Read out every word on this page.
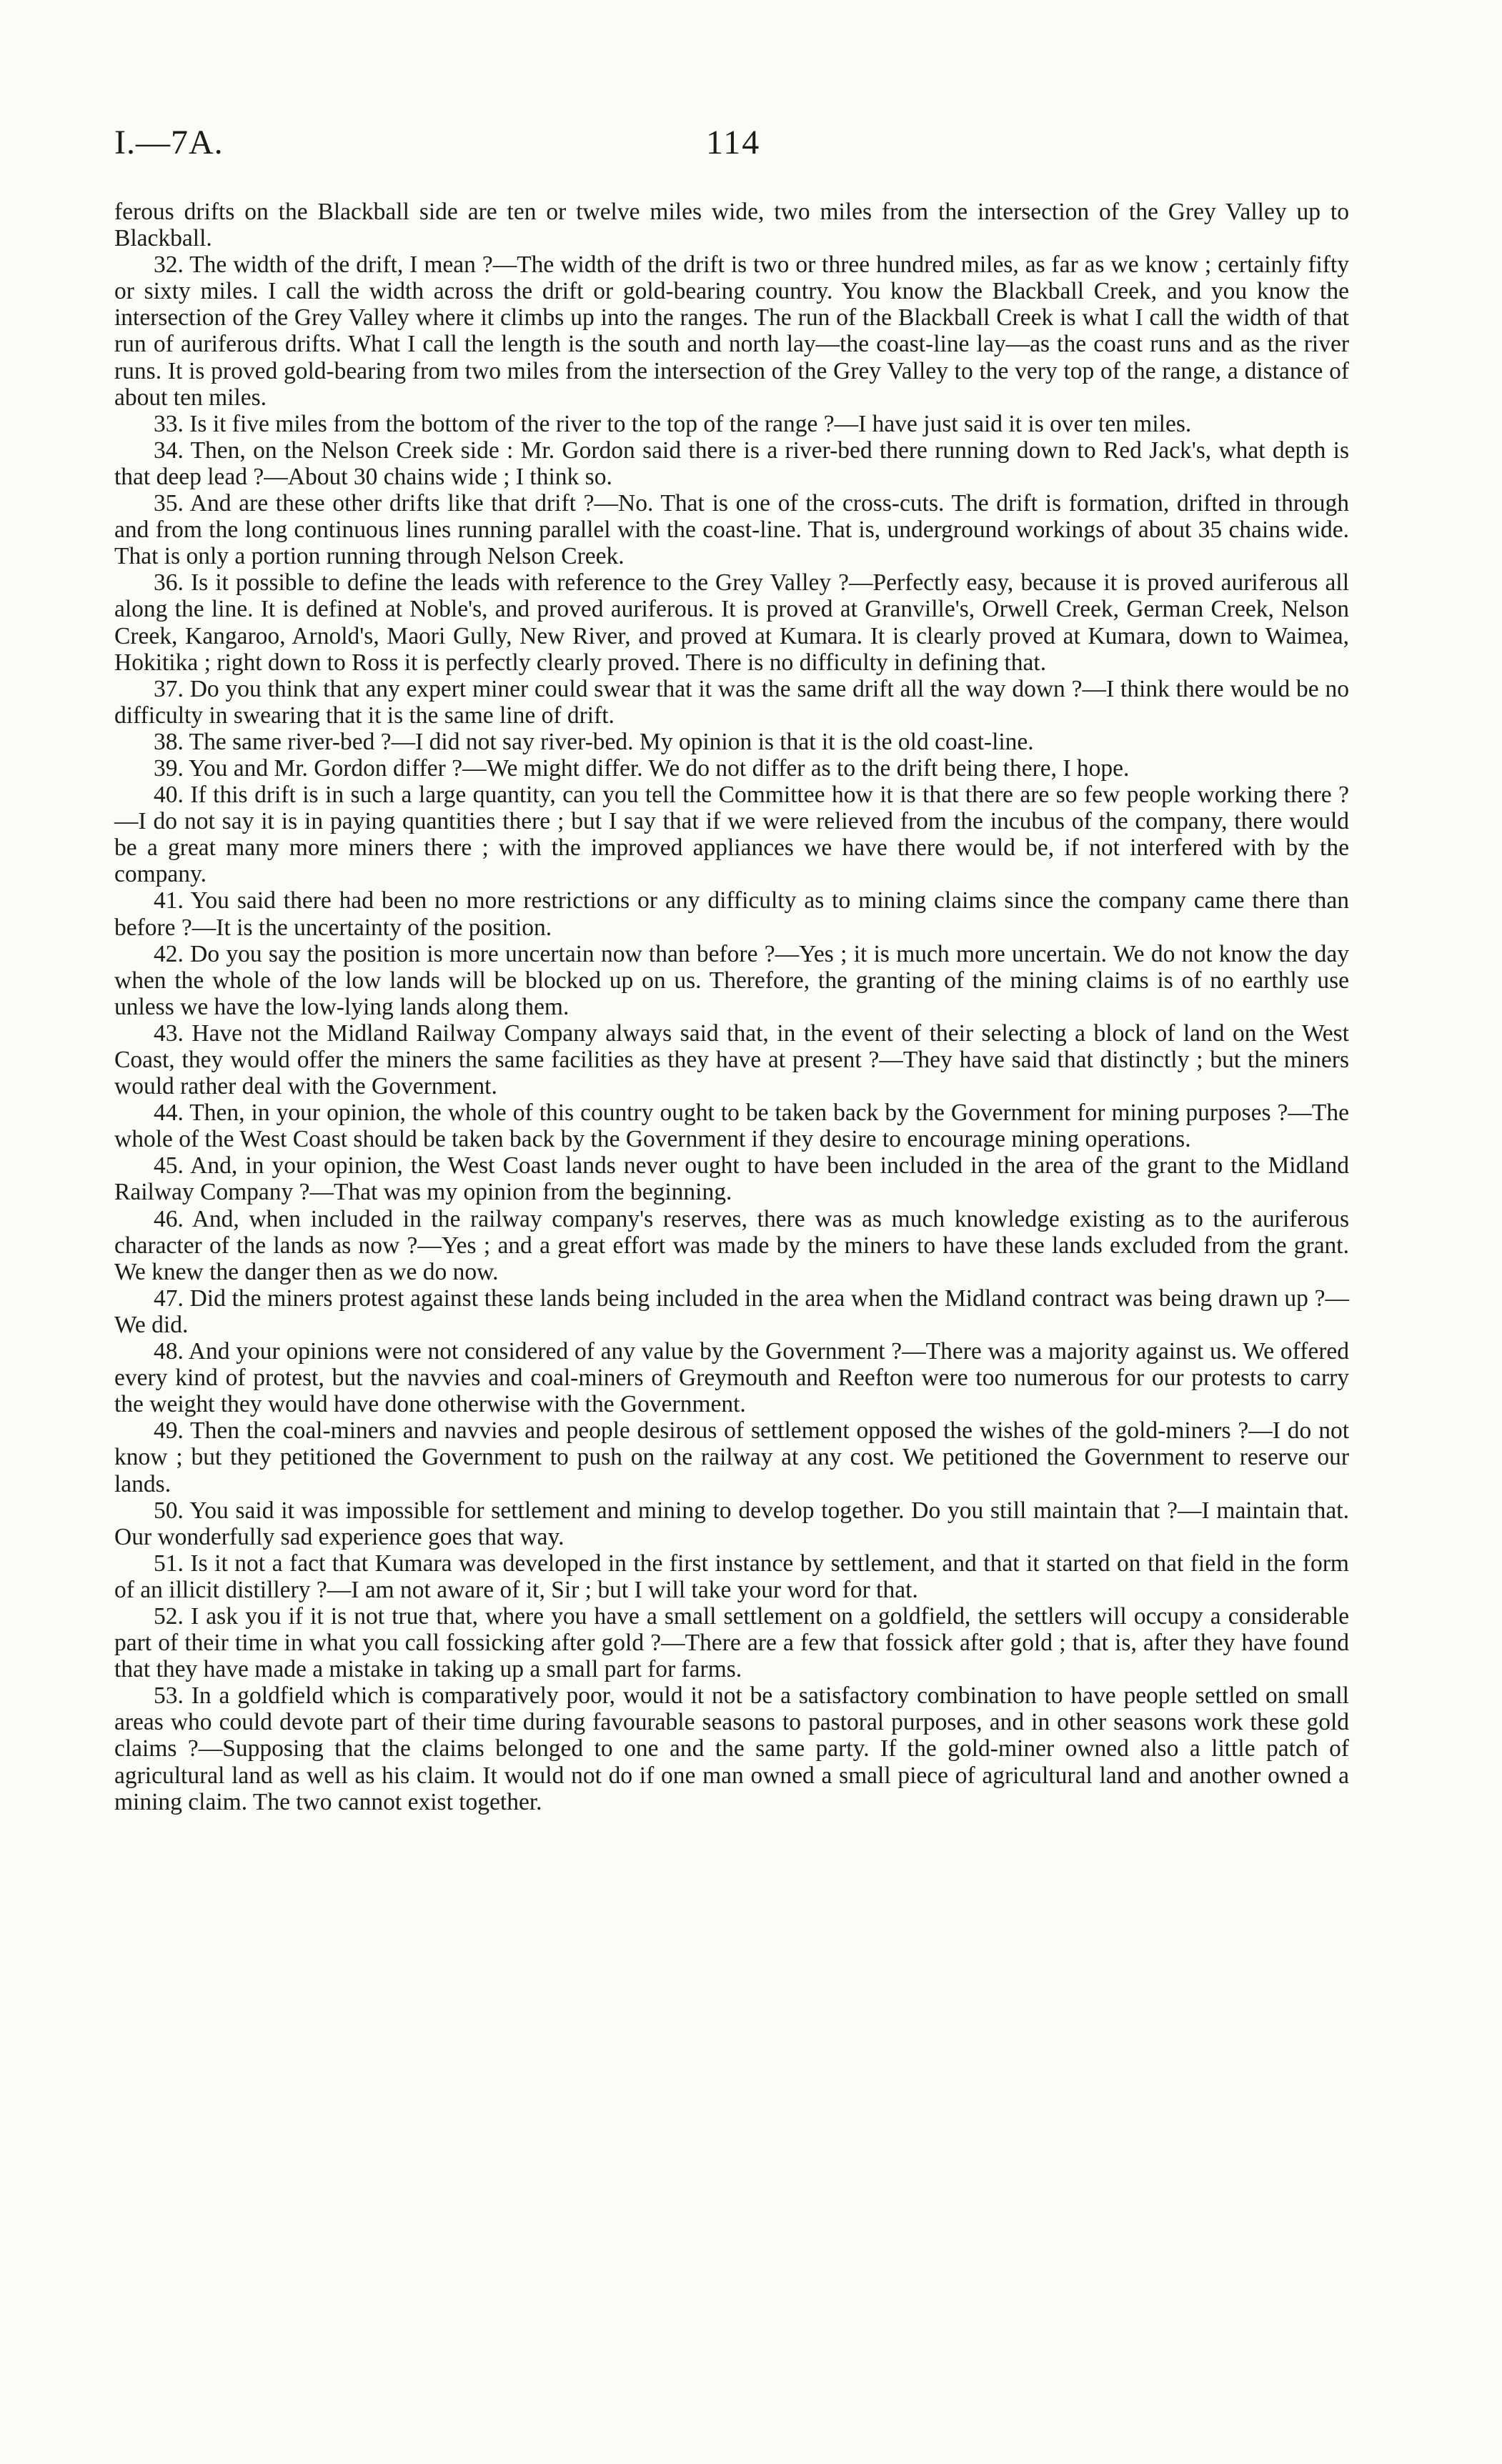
I.—7A.	114

ferous drifts on the Blackball side are ten or twelve miles wide, two miles from the intersection of the Grey Valley up to Blackball.

32. The width of the drift, I mean ?—The width of the drift is two or three hundred miles, as far as we know ; certainly fifty or sixty miles. I call the width across the drift or gold-bearing country. You know the Blackball Creek, and you know the intersection of the Grey Valley where it climbs up into the ranges. The run of the Blackball Creek is what I call the width of that run of auriferous drifts. What I call the length is the south and north lay—the coast-line lay—as the coast runs and as the river runs. It is proved gold-bearing from two miles from the intersection of the Grey Valley to the very top of the range, a distance of about ten miles.

33. Is it five miles from the bottom of the river to the top of the range ?—I have just said it is over ten miles.

34. Then, on the Nelson Creek side : Mr. Gordon said there is a river-bed there running down to Red Jack's, what depth is that deep lead ?—About 30 chains wide ; I think so.

35. And are these other drifts like that drift ?—No. That is one of the cross-cuts. The drift is formation, drifted in through and from the long continuous lines running parallel with the coast-line. That is, underground workings of about 35 chains wide. That is only a portion running through Nelson Creek.

36. Is it possible to define the leads with reference to the Grey Valley ?—Perfectly easy, because it is proved auriferous all along the line. It is defined at Noble's, and proved auriferous. It is proved at Granville's, Orwell Creek, German Creek, Nelson Creek, Kangaroo, Arnold's, Maori Gully, New River, and proved at Kumara. It is clearly proved at Kumara, down to Waimea, Hokitika ; right down to Ross it is perfectly clearly proved. There is no difficulty in defining that.

37. Do you think that any expert miner could swear that it was the same drift all the way down ?—I think there would be no difficulty in swearing that it is the same line of drift.

38. The same river-bed ?—I did not say river-bed. My opinion is that it is the old coast-line.

39. You and Mr. Gordon differ ?—We might differ. We do not differ as to the drift being there, I hope.

40. If this drift is in such a large quantity, can you tell the Committee how it is that there are so few people working there ?—I do not say it is in paying quantities there ; but I say that if we were relieved from the incubus of the company, there would be a great many more miners there ; with the improved appliances we have there would be, if not interfered with by the company.

41. You said there had been no more restrictions or any difficulty as to mining claims since the company came there than before ?—It is the uncertainty of the position.

42. Do you say the position is more uncertain now than before ?—Yes ; it is much more uncertain. We do not know the day when the whole of the low lands will be blocked up on us. Therefore, the granting of the mining claims is of no earthly use unless we have the low-lying lands along them.

43. Have not the Midland Railway Company always said that, in the event of their selecting a block of land on the West Coast, they would offer the miners the same facilities as they have at present ?—They have said that distinctly ; but the miners would rather deal with the Government.

44. Then, in your opinion, the whole of this country ought to be taken back by the Government for mining purposes ?—The whole of the West Coast should be taken back by the Government if they desire to encourage mining operations.

45. And, in your opinion, the West Coast lands never ought to have been included in the area of the grant to the Midland Railway Company ?—That was my opinion from the beginning.

46. And, when included in the railway company's reserves, there was as much knowledge existing as to the auriferous character of the lands as now ?—Yes ; and a great effort was made by the miners to have these lands excluded from the grant. We knew the danger then as we do now.

47. Did the miners protest against these lands being included in the area when the Midland contract was being drawn up ?—We did.

48. And your opinions were not considered of any value by the Government ?—There was a majority against us. We offered every kind of protest, but the navvies and coal-miners of Greymouth and Reefton were too numerous for our protests to carry the weight they would have done otherwise with the Government.

49. Then the coal-miners and navvies and people desirous of settlement opposed the wishes of the gold-miners ?—I do not know ; but they petitioned the Government to push on the railway at any cost. We petitioned the Government to reserve our lands.

50. You said it was impossible for settlement and mining to develop together. Do you still maintain that ?—I maintain that. Our wonderfully sad experience goes that way.

51. Is it not a fact that Kumara was developed in the first instance by settlement, and that it started on that field in the form of an illicit distillery ?—I am not aware of it, Sir ; but I will take your word for that.

52. I ask you if it is not true that, where you have a small settlement on a goldfield, the settlers will occupy a considerable part of their time in what you call fossicking after gold ?—There are a few that fossick after gold ; that is, after they have found that they have made a mistake in taking up a small part for farms.

53. In a goldfield which is comparatively poor, would it not be a satisfactory combination to have people settled on small areas who could devote part of their time during favourable seasons to pastoral purposes, and in other seasons work these gold claims ?—Supposing that the claims belonged to one and the same party. If the gold-miner owned also a little patch of agricultural land as well as his claim. It would not do if one man owned a small piece of agricultural land and another owned a mining claim. The two cannot exist together.
